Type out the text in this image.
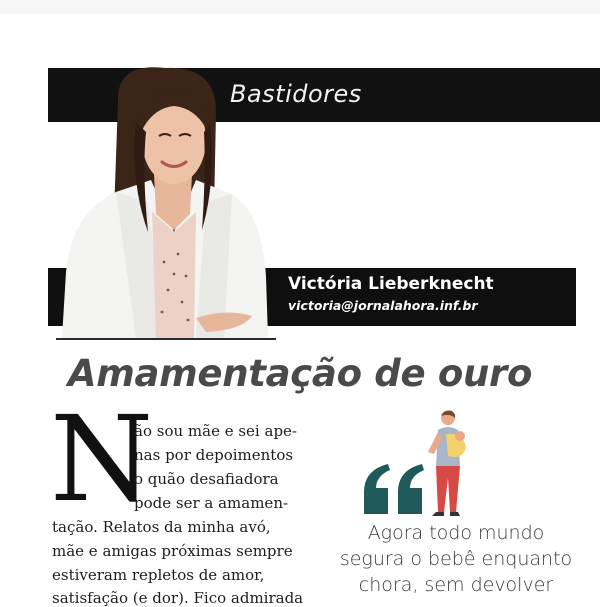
Bastidores
Victória Lieberknecht
victoria@jornalahora.inf.br
Amamentação de ouro
N
ão sou mãe e sei ape-
nas por depoimentos
o quão desafiadora
pode ser a amamen-
tação. Relatos da minha avó,
mãe e amigas próximas sempre
estiveram repletos de amor,
satisfação (e dor). Fico admirada
Agora todo mundo
segura o bebê enquanto
chora, sem devolver
